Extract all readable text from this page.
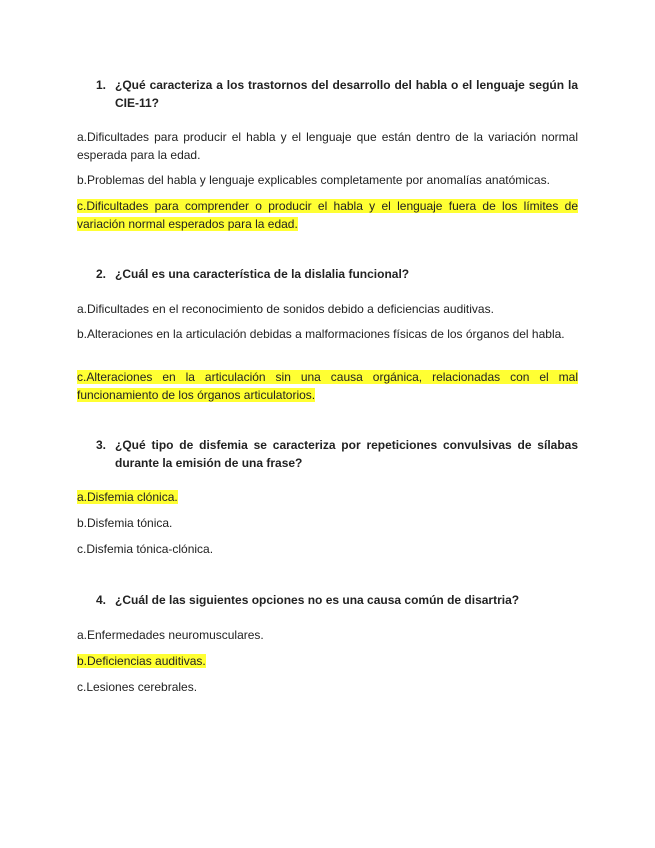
1. ¿Qué caracteriza a los trastornos del desarrollo del habla o el lenguaje según la CIE-11?
a.Dificultades para producir el habla y el lenguaje que están dentro de la variación normal esperada para la edad.
b.Problemas del habla y lenguaje explicables completamente por anomalías anatómicas.
c.Dificultades para comprender o producir el habla y el lenguaje fuera de los límites de variación normal esperados para la edad.
2. ¿Cuál es una característica de la dislalia funcional?
a.Dificultades en el reconocimiento de sonidos debido a deficiencias auditivas.
b.Alteraciones en la articulación debidas a malformaciones físicas de los órganos del habla.
c.Alteraciones en la articulación sin una causa orgánica, relacionadas con el mal funcionamiento de los órganos articulatorios.
3. ¿Qué tipo de disfemia se caracteriza por repeticiones convulsivas de sílabas durante la emisión de una frase?
a.Disfemia clónica.
b.Disfemia tónica.
c.Disfemia tónica-clónica.
4. ¿Cuál de las siguientes opciones no es una causa común de disartria?
a.Enfermedades neuromusculares.
b.Deficiencias auditivas.
c.Lesiones cerebrales.
